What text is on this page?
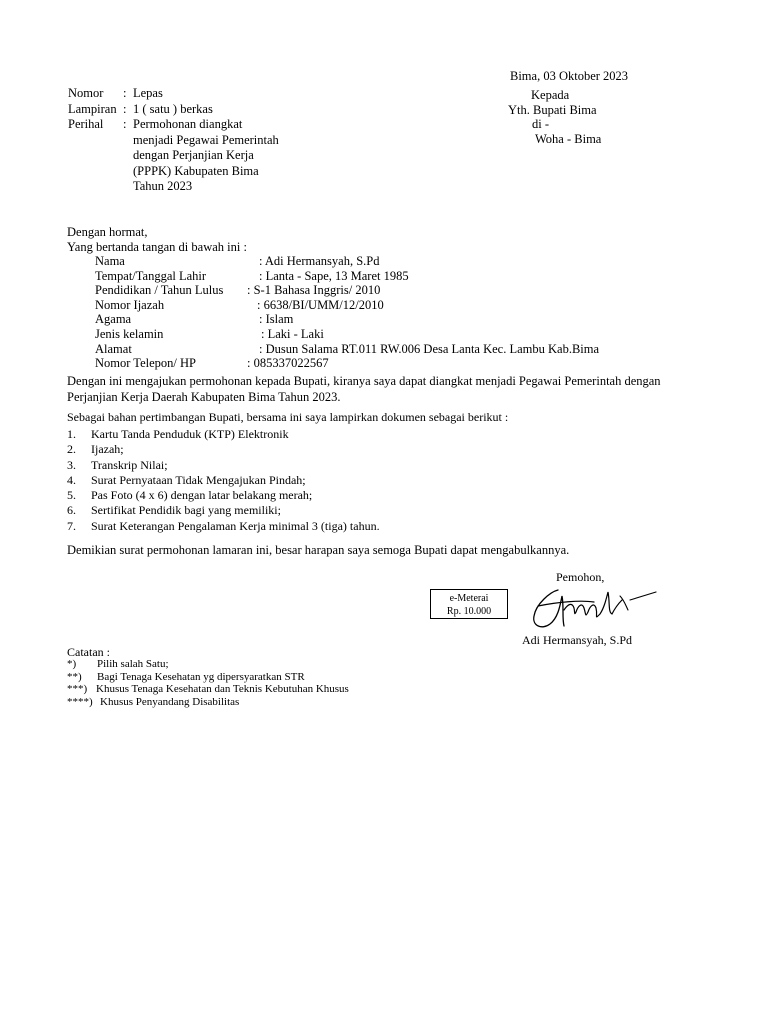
Bima, 03 Oktober 2023
Kepada
Yth. Bupati Bima
di -
Woha - Bima
Nomor	: Lepas
Lampiran : 1 ( satu ) berkas
Perihal	: Permohonan diangkat
menjadi Pegawai Pemerintah
dengan Perjanjian Kerja
(PPPK) Kabupaten Bima
Tahun 2023
Dengan hormat,
Yang bertanda tangan di bawah ini :
Nama	: Adi Hermansyah, S.Pd
Tempat/Tanggal Lahir	: Lanta - Sape, 13 Maret 1985
Pendidikan / Tahun Lulus : S-1 Bahasa Inggris/ 2010
Nomor Ijazah	: 6638/BI/UMM/12/2010
Agama	: Islam
Jenis kelamin	: Laki - Laki
Alamat	: Dusun Salama RT.011 RW.006 Desa Lanta Kec. Lambu Kab.Bima
Nomor Telepon/ HP	: 085337022567
Dengan ini mengajukan permohonan kepada Bupati, kiranya saya dapat diangkat menjadi Pegawai Pemerintah dengan Perjanjian Kerja Daerah Kabupaten Bima Tahun 2023.
Sebagai bahan pertimbangan Bupati, bersama ini saya lampirkan dokumen sebagai berikut :
1. Kartu Tanda Penduduk (KTP) Elektronik
2. Ijazah;
3. Transkrip Nilai;
4. Surat Pernyataan Tidak Mengajukan Pindah;
5. Pas Foto (4 x 6) dengan latar belakang merah;
6. Sertifikat Pendidik bagi yang memiliki;
7. Surat Keterangan Pengalaman Kerja minimal 3 (tiga) tahun.
Demikian surat permohonan lamaran ini, besar harapan saya semoga Bupati dapat mengabulkannya.
Pemohon,
e-Meterai
Rp. 10.000
Adi Hermansyah, S.Pd
Catatan :
*) Pilih salah Satu;
**) Bagi Tenaga Kesehatan yg dipersyaratkan STR
***) Khusus Tenaga Kesehatan dan Teknis Kebutuhan Khusus
****) Khusus Penyandang Disabilitas
